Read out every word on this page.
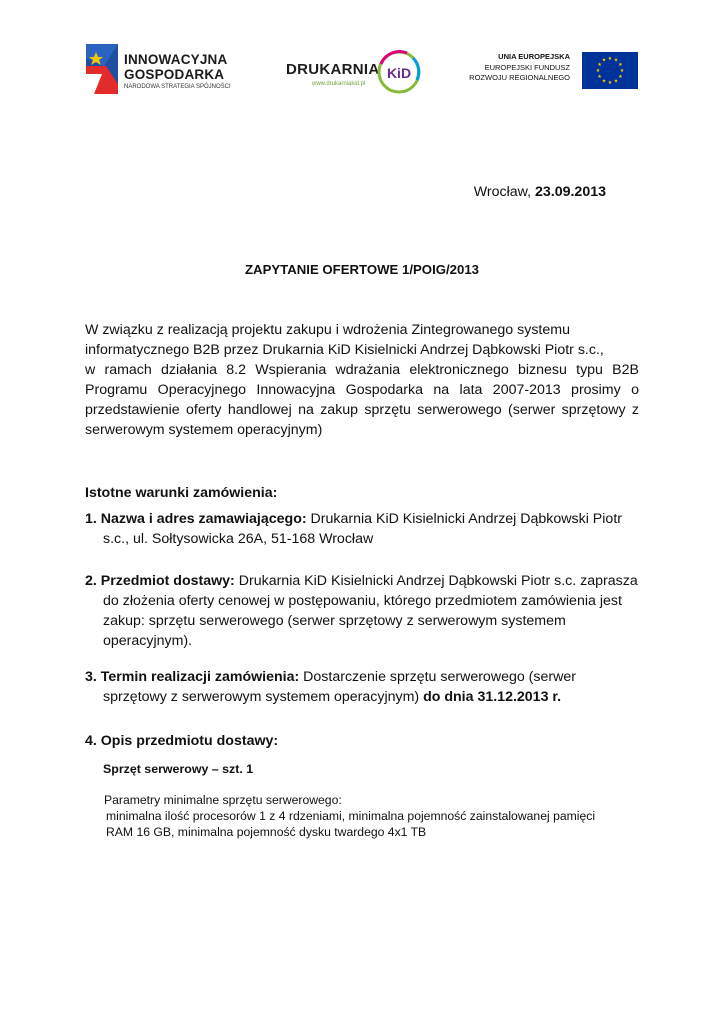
INNOWACYJNA
GOSPODARKA
NARODOWA STRATEGIA SPÓJNOŚCI
DRUKARNIA KiD
www.drukarniakid.pl
UNIA EUROPEJSKA
EUROPEJSKI FUNDUSZ
ROZWOJU REGIONALNEGO
★ ★
★
★
★
★
★
★
★
★
★
★
Wrocław, 23.09.2013
ZAPYTANIE OFERTOWE 1/POIG/2013
W związku z realizacją projektu zakupu i wdrożenia Zintegrowanego systemu
informatycznego B2B przez Drukarnia KiD Kisielnicki Andrzej Dąbkowski Piotr s.c.,
w ramach działania 8.2 Wspierania wdrażania elektronicznego biznesu typu B2B
Programu Operacyjnego Innowacyjna Gospodarka na lata 2007-2013 prosimy o
przedstawienie oferty handlowej na zakup sprzętu serwerowego (serwer sprzętowy z
serwerowym systemem operacyjnym)
Istotne warunki zamówienia:
1. Nazwa i adres zamawiającego: Drukarnia KiD Kisielnicki Andrzej Dąbkowski Piotr
s.c., ul. Sołtysowicka 26A, 51-168 Wrocław
2. Przedmiot dostawy: Drukarnia KiD Kisielnicki Andrzej Dąbkowski Piotr s.c. zaprasza
do złożenia oferty cenowej w postępowaniu, którego przedmiotem zamówienia jest
zakup: sprzętu serwerowego (serwer sprzętowy z serwerowym systemem
operacyjnym).
3. Termin realizacji zamówienia: Dostarczenie sprzętu serwerowego (serwer
sprzętowy z serwerowym systemem operacyjnym) do dnia 31.12.2013 r.
4. Opis przedmiotu dostawy:
Sprzęt serwerowy – szt. 1
Parametry minimalne sprzętu serwerowego:
minimalna ilość procesorów 1 z 4 rdzeniami, minimalna pojemność zainstalowanej pamięci
RAM 16 GB, minimalna pojemność dysku twardego 4x1 TB
